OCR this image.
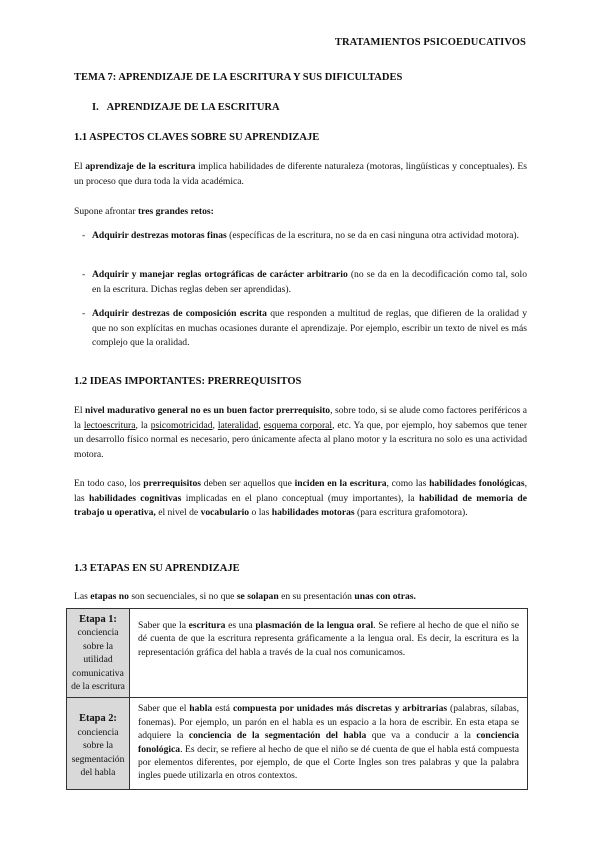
TRATAMIENTOS PSICOEDUCATIVOS
TEMA 7: APRENDIZAJE DE LA ESCRITURA Y SUS DIFICULTADES
I. APRENDIZAJE DE LA ESCRITURA
1.1 ASPECTOS CLAVES SOBRE SU APRENDIZAJE
El aprendizaje de la escritura implica habilidades de diferente naturaleza (motoras, lingüísticas y conceptuales). Es un proceso que dura toda la vida académica.
Supone afrontar tres grandes retos:
- Adquirir destrezas motoras finas (específicas de la escritura, no se da en casi ninguna otra actividad motora).
- Adquirir y manejar reglas ortográficas de carácter arbitrario (no se da en la decodificación como tal, solo en la escritura. Dichas reglas deben ser aprendidas).
- Adquirir destrezas de composición escrita que responden a multitud de reglas, que difieren de la oralidad y que no son explícitas en muchas ocasiones durante el aprendizaje. Por ejemplo, escribir un texto de nivel es más complejo que la oralidad.
1.2 IDEAS IMPORTANTES: PRERREQUISITOS
El nivel madurativo general no es un buen factor prerrequisito, sobre todo, si se alude como factores periféricos a la lectoescritura, la psicomotricidad, lateralidad, esquema corporal, etc. Ya que, por ejemplo, hoy sabemos que tener un desarrollo físico normal es necesario, pero únicamente afecta al plano motor y la escritura no solo es una actividad motora.
En todo caso, los prerrequisitos deben ser aquellos que inciden en la escritura, como las habilidades fonológicas, las habilidades cognitivas implicadas en el plano conceptual (muy importantes), la habilidad de memoria de trabajo u operativa, el nivel de vocabulario o las habilidades motoras (para escritura grafomotora).
1.3 ETAPAS EN SU APRENDIZAJE
Las etapas no son secuenciales, si no que se solapan en su presentación unas con otras.
Etapa 1:
conciencia sobre la utilidad comunicativa de la escritura	Saber que la escritura es una plasmación de la lengua oral. Se refiere al hecho de que el niño se dé cuenta de que la escritura representa gráficamente a la lengua oral. Es decir, la escritura es la representación gráfica del habla a través de la cual nos comunicamos.

Etapa 2:
conciencia sobre la segmentación del habla	Saber que el habla está compuesta por unidades más discretas y arbitrarias (palabras, sílabas, fonemas). Por ejemplo, un parón en el habla es un espacio a la hora de escribir. En esta etapa se adquiere la conciencia de la segmentación del habla que va a conducir a la conciencia fonológica. Es decir, se refiere al hecho de que el niño se dé cuenta de que el habla está compuesta por elementos diferentes, por ejemplo, de que el Corte Ingles son tres palabras y que la palabra ingles puede utilizarla en otros contextos.
